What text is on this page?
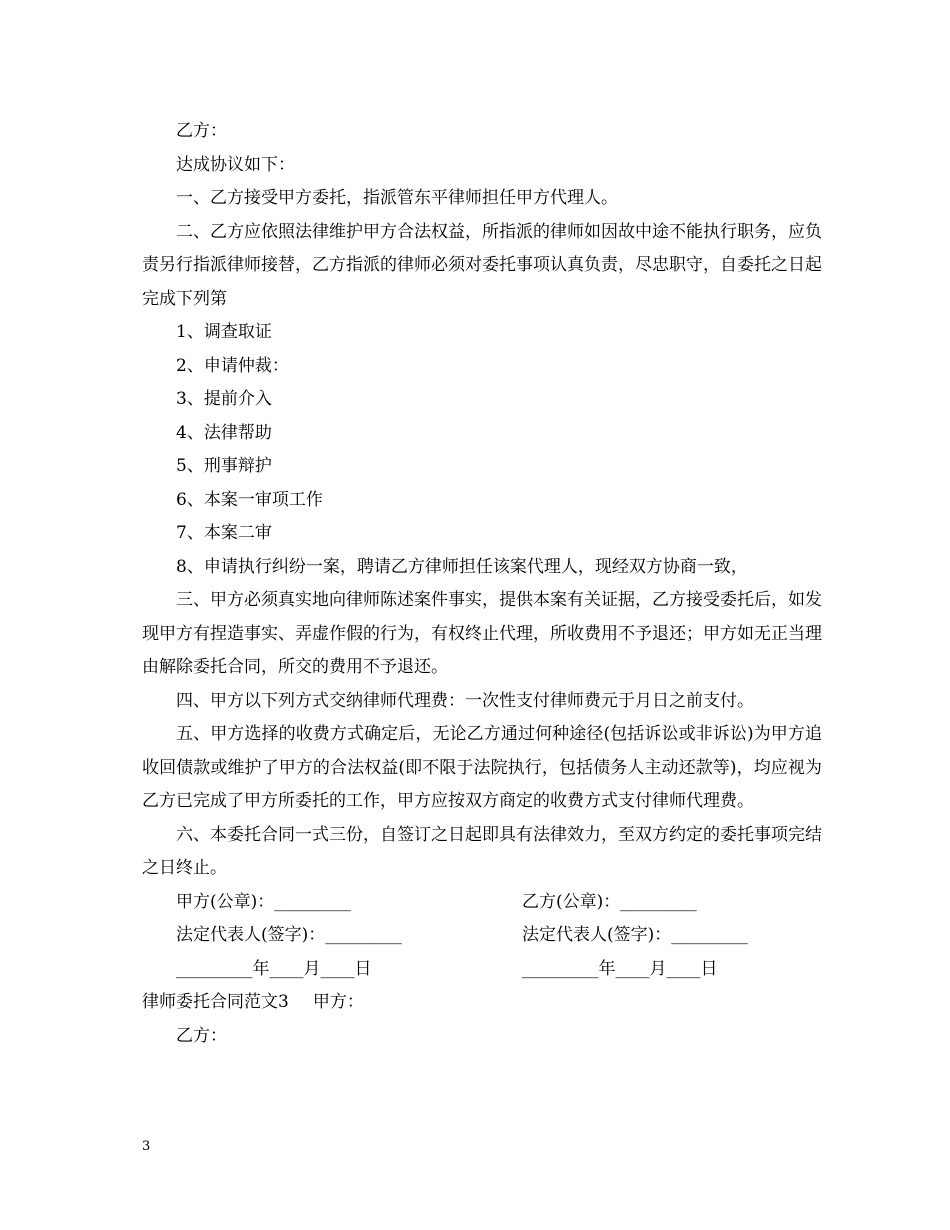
乙方：

达成协议如下：

一、乙方接受甲方委托，指派管东平律师担任甲方代理人。

二、乙方应依照法律维护甲方合法权益，所指派的律师如因故中途不能执行职务，应负责另行指派律师接替，乙方指派的律师必须对委托事项认真负责，尽忠职守，自委托之日起完成下列第

1、调查取证

2、申请仲裁：

3、提前介入

4、法律帮助

5、刑事辩护

6、本案一审项工作

7、本案二审

8、申请执行纠纷一案，聘请乙方律师担任该案代理人，现经双方协商一致，

三、甲方必须真实地向律师陈述案件事实，提供本案有关证据，乙方接受委托后，如发现甲方有捏造事实、弄虚作假的行为，有权终止代理，所收费用不予退还；甲方如无正当理由解除委托合同，所交的费用不予退还。

四、甲方以下列方式交纳律师代理费：一次性支付律师费元于月日之前支付。

五、甲方选择的收费方式确定后，无论乙方通过何种途径(包括诉讼或非诉讼)为甲方追收回债款或维护了甲方的合法权益(即不限于法院执行，包括债务人主动还款等)，均应视为乙方已完成了甲方所委托的工作，甲方应按双方商定的收费方式支付律师代理费。

六、本委托合同一式三份，自签订之日起即具有法律效力，至双方约定的委托事项完结之日终止。

甲方(公章)：_________	乙方(公章)：_________
法定代表人(签字)：_________	法定代表人(签字)：_________
_________年____月____日	_________年____月____日
律师委托合同范文3 甲方：

乙方：

3
